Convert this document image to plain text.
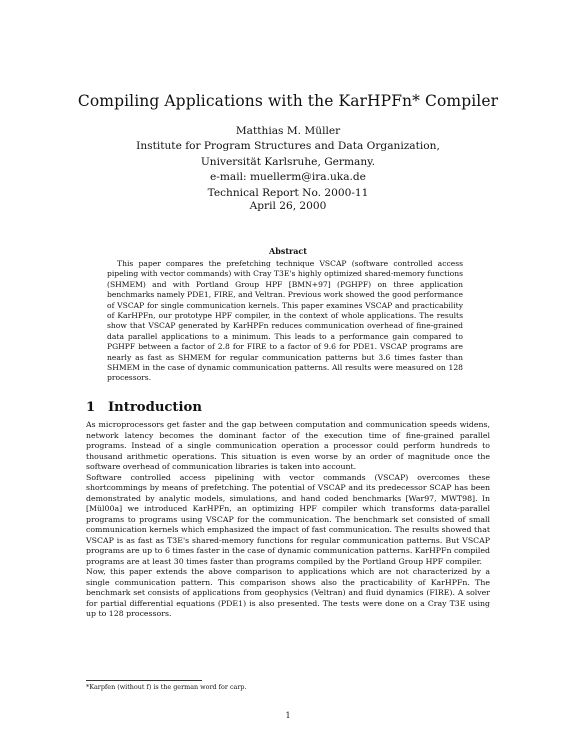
Compiling Applications with the KarHPFn* Compiler
Matthias M. Müller
Institute for Program Structures and Data Organization,
Universität Karlsruhe, Germany.
e-mail: muellerm@ira.uka.de
Technical Report No. 2000-11
April 26, 2000
Abstract

This paper compares the prefetching technique VSCAP (software controlled access pipeling with vector commands) with Cray T3E's highly optimized shared-memory functions (SHMEM) and with Portland Group HPF [BMN+97] (PGHPF) on three application benchmarks namely PDE1, FIRE, and Veltran. Previous work showed the good performance of VSCAP for single communication kernels. This paper examines VSCAP and practicability of KarHPFn, our prototype HPF compiler, in the context of whole applications. The results show that VSCAP generated by KarHPFn reduces communication overhead of fine-grained data parallel applications to a minimum. This leads to a performance gain compared to PGHPF between a factor of 2.8 for FIRE to a factor of 9.6 for PDE1. VSCAP programs are nearly as fast as SHMEM for regular communication patterns but 3.6 times faster than SHMEM in the case of dynamic communication patterns. All results were measured on 128 processors.

1 Introduction

As microprocessors get faster and the gap between computation and communication speeds widens, network latency becomes the dominant factor of the execution time of fine-grained parallel programs. Instead of a single communication operation a processor could perform hundreds to thousand arithmetic operations. This situation is even worse by an order of magnitude once the software overhead of communication libraries is taken into account.

Software controlled access pipelining with vector commands (VSCAP) overcomes these shortcommings by means of prefetching. The potential of VSCAP and its predecessor SCAP has been demonstrated by analytic models, simulations, and hand coded benchmarks [War97, MWT98]. In [Mül00a] we introduced KarHPFn, an optimizing HPF compiler which transforms data-parallel programs to programs using VSCAP for the communication. The benchmark set consisted of small communication kernels which emphasized the impact of fast communication. The results showed that VSCAP is as fast as T3E's shared-memory functions for regular communication patterns. But VSCAP programs are up to 6 times faster in the case of dynamic communication patterns. KarHPFn compiled programs are at least 30 times faster than programs compiled by the Portland Group HPF compiler.

Now, this paper extends the above comparison to applications which are not characterized by a single communication pattern. This comparison shows also the practicability of KarHPFn. The benchmark set consists of applications from geophysics (Veltran) and fluid dynamics (FIRE). A solver for partial differential equations (PDE1) is also presented. The tests were done on a Cray T3E using up to 128 processors.

*Karpfen (without f) is the german word for carp.
1
